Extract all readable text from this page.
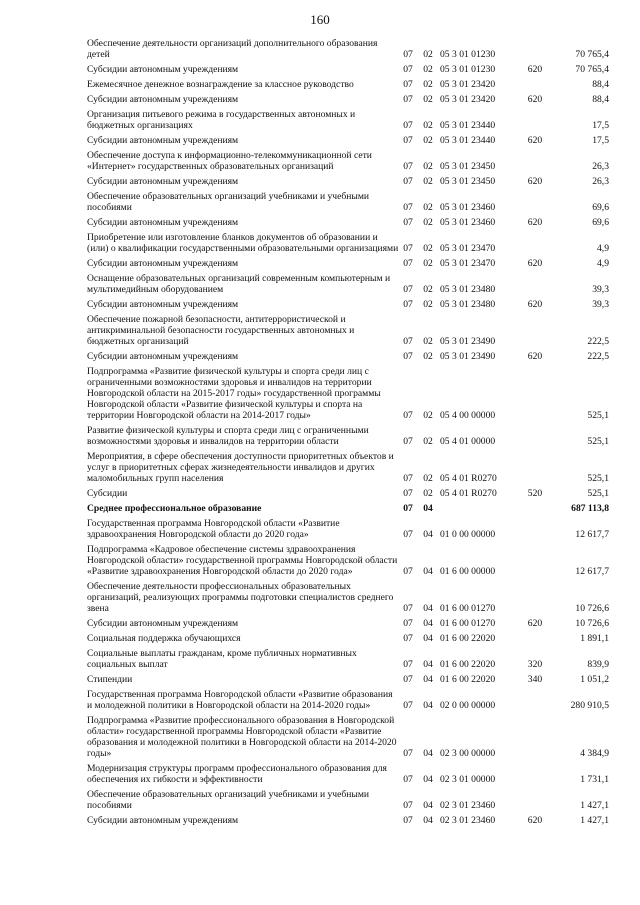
160
Обеспечение деятельности организаций дополнительного образования детей	07	02	05 3 01 01230		70 765,4
Субсидии автономным учреждениям	07	02	05 3 01 01230	620	70 765,4
Ежемесячное денежное вознаграждение за классное руководство	07	02	05 3 01 23420		88,4
Субсидии автономным учреждениям	07	02	05 3 01 23420	620	88,4
Организация питьевого режима в государственных автономных и бюджетных организациях	07	02	05 3 01 23440		17,5
Субсидии автономным учреждениям	07	02	05 3 01 23440	620	17,5
Обеспечение доступа к информационно-телекоммуникационной сети «Интернет» государственных образовательных организаций	07	02	05 3 01 23450		26,3
Субсидии автономным учреждениям	07	02	05 3 01 23450	620	26,3
Обеспечение образовательных организаций учебниками и учебными пособиями	07	02	05 3 01 23460		69,6
Субсидии автономным учреждениям	07	02	05 3 01 23460	620	69,6
Приобретение или изготовление бланков документов об образовании и (или) о квалификации государственными образовательными организациями	07	02	05 3 01 23470		4,9
Субсидии автономным учреждениям	07	02	05 3 01 23470	620	4,9
Оснащение образовательных организаций современным компьютерным и мультимедийным оборудованием	07	02	05 3 01 23480		39,3
Субсидии автономным учреждениям	07	02	05 3 01 23480	620	39,3
Обеспечение пожарной безопасности, антитеррористической и антикриминальной безопасности государственных автономных и бюджетных организаций	07	02	05 3 01 23490		222,5
Субсидии автономным учреждениям	07	02	05 3 01 23490	620	222,5
Подпрограмма «Развитие физической культуры и спорта среди лиц с ограниченными возможностями здоровья и инвалидов на территории Новгородской области на 2015-2017 годы» государственной программы Новгородской области «Развитие физической культуры и спорта на территории Новгородской области на 2014-2017 годы»	07	02	05 4 00 00000		525,1
Развитие физической культуры и спорта среди лиц с ограниченными возможностями здоровья и инвалидов на территории области	07	02	05 4 01 00000		525,1
Мероприятия, в сфере обеспечения доступности приоритетных объектов и услуг в приоритетных сферах жизнедеятельности инвалидов и других маломобильных групп населения	07	02	05 4 01 R0270		525,1
Субсидии	07	02	05 4 01 R0270	520	525,1
Среднее профессиональное образование	07	04			687 113,8
Государственная программа Новгородской области «Развитие здравоохранения Новгородской области до 2020 года»	07	04	01 0 00 00000		12 617,7
Подпрограмма «Кадровое обеспечение системы здравоохранения Новгородской области» государственной программы Новгородской области «Развитие здравоохранения Новгородской области до 2020 года»	07	04	01 6 00 00000		12 617,7
Обеспечение деятельности профессиональных образовательных организаций, реализующих программы подготовки специалистов среднего звена	07	04	01 6 00 01270		10 726,6
Субсидии автономным учреждениям	07	04	01 6 00 01270	620	10 726,6
Социальная поддержка обучающихся	07	04	01 6 00 22020		1 891,1
Социальные выплаты гражданам, кроме публичных нормативных социальных выплат	07	04	01 6 00 22020	320	839,9
Стипендии	07	04	01 6 00 22020	340	1 051,2
Государственная программа Новгородской области «Развитие образования и молодежной политики в Новгородской области на 2014-2020 годы»	07	04	02 0 00 00000		280 910,5
Подпрограмма «Развитие профессионального образования в Новгородской области» государственной программы Новгородской области «Развитие образования и молодежной политики в Новгородской области на 2014-2020 годы»	07	04	02 3 00 00000		4 384,9
Модернизация структуры программ профессионального образования для обеспечения их гибкости и эффективности	07	04	02 3 01 00000		1 731,1
Обеспечение образовательных организаций учебниками и учебными пособиями	07	04	02 3 01 23460		1 427,1
Субсидии автономным учреждениям	07	04	02 3 01 23460	620	1 427,1
